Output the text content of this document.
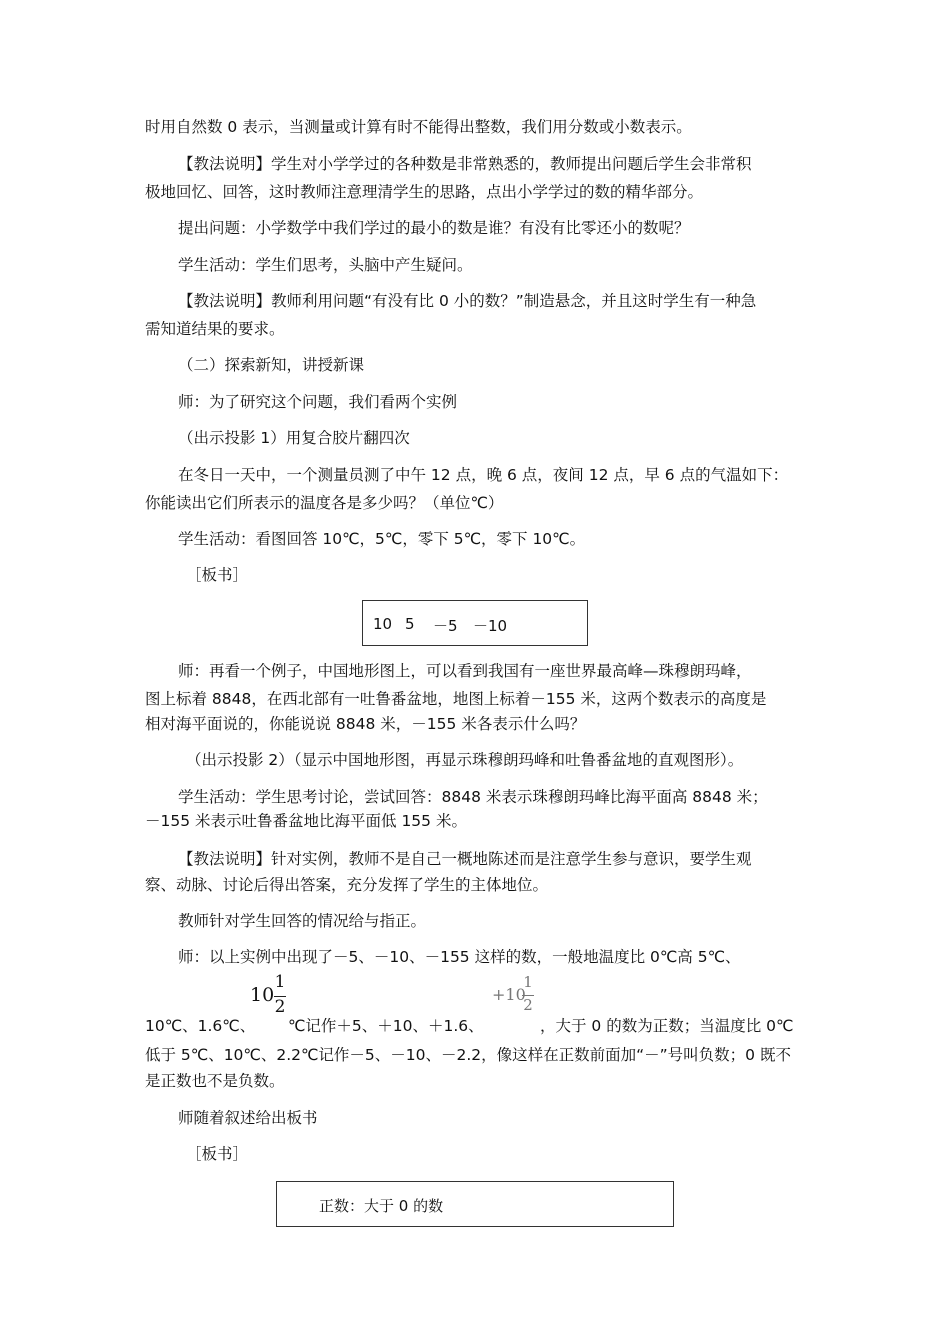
时用自然数 0 表示，当测量或计算有时不能得出整数，我们用分数或小数表示。
【教法说明】学生对小学学过的各种数是非常熟悉的，教师提出问题后学生会非常积
极地回忆、回答，这时教师注意理清学生的思路，点出小学学过的数的精华部分。
提出问题：小学数学中我们学过的最小的数是谁？有没有比零还小的数呢？
学生活动：学生们思考，头脑中产生疑问。
【教法说明】教师利用问题“有没有比 0 小的数？”制造悬念，并且这时学生有一种急
需知道结果的要求。
（二）探索新知，讲授新课
师：为了研究这个问题，我们看两个实例
（出示投影 1）用复合胶片翻四次
在冬日一天中，一个测量员测了中午 12 点，晚 6 点，夜间 12 点，早 6 点的气温如下：
你能读出它们所表示的温度各是多少吗？（单位℃）
学生活动：看图回答 10℃，5℃，零下 5℃，零下 10℃。
［板书］
10 5 －5 －10
师：再看一个例子，中国地形图上，可以看到我国有一座世界最高峰—珠穆朗玛峰，
图上标着 8848，在西北部有一吐鲁番盆地，地图上标着－155 米，这两个数表示的高度是
相对海平面说的，你能说说 8848 米，－155 米各表示什么吗？
（出示投影 2）（显示中国地形图，再显示珠穆朗玛峰和吐鲁番盆地的直观图形）。
学生活动：学生思考讨论，尝试回答：8848 米表示珠穆朗玛峰比海平面高 8848 米；
－155 米表示吐鲁番盆地比海平面低 155 米。
【教法说明】针对实例，教师不是自己一概地陈述而是注意学生参与意识，要学生观
察、动脉、讨论后得出答案，充分发挥了学生的主体地位。
教师针对学生回答的情况给与指正。
师：以上实例中出现了－5、－10、－155 这样的数，一般地温度比 0℃高 5℃、
10
1
2
+10
1
2
10℃、1.6℃、 ℃记作＋5、＋10、＋1.6、	，大于 0 的数为正数；当温度比 0℃
低于 5℃、10℃、2.2℃记作－5、－10、－2.2，像这样在正数前面加“－”号叫负数；0 既不
是正数也不是负数。
师随着叙述给出板书
［板书］
正数：大于 0 的数
